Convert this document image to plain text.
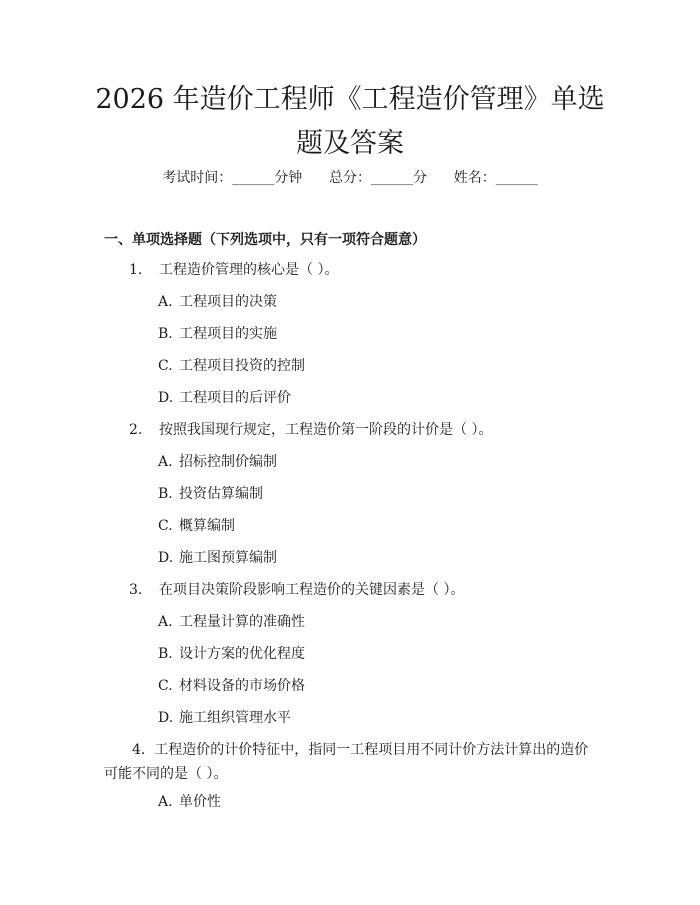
2026 年造价工程师《工程造价管理》单选题及答案
考试时间：______分钟      总分：______分      姓名：______
一、单项选择题（下列选项中，只有一项符合题意）

1. 工程造价管理的核心是（ ）。

A. 工程项目的决策

B. 工程项目的实施

C. 工程项目投资的控制

D. 工程项目的后评价

2. 按照我国现行规定，工程造价第一阶段的计价是（ ）。

A. 招标控制价编制

B. 投资估算编制

C. 概算编制

D. 施工图预算编制

3. 在项目决策阶段影响工程造价的关键因素是（ ）。

A. 工程量计算的准确性

B. 设计方案的优化程度

C. 材料设备的市场价格

D. 施工组织管理水平

4. 工程造价的计价特征中，指同一工程项目用不同计价方法计算出的造价可能不同的是（ ）。

A. 单价性
